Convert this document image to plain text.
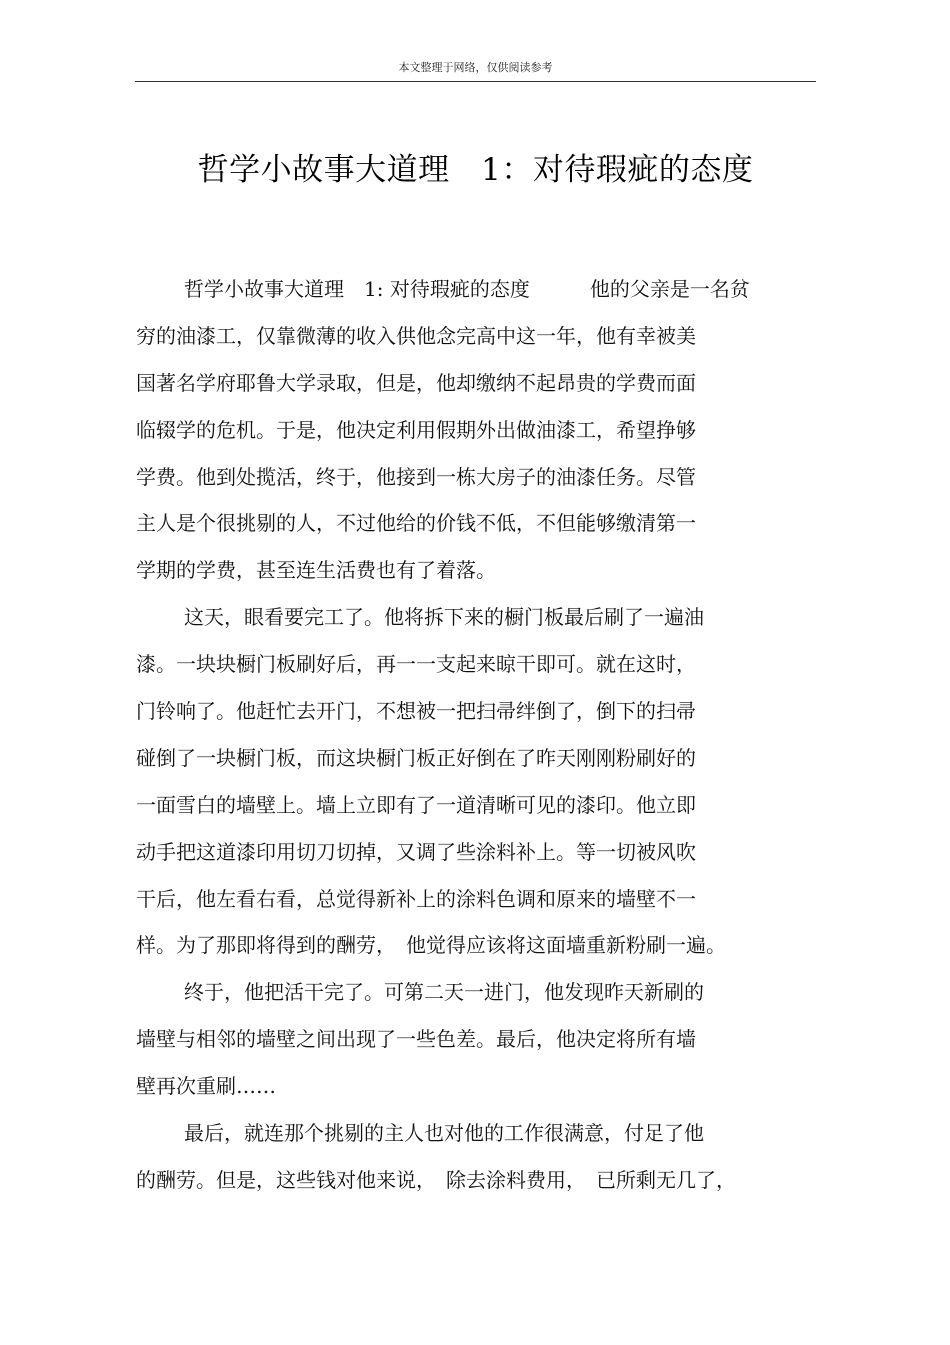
本文整理于网络，仅供阅读参考
哲学小故事大道理　1：对待瑕疵的态度
哲学小故事大道理　1: 对待瑕疵的态度　　　他的父亲是一名贫
穷的油漆工，仅靠微薄的收入供他念完高中这一年，他有幸被美
国著名学府耶鲁大学录取，但是，他却缴纳不起昂贵的学费而面
临辍学的危机。于是，他决定利用假期外出做油漆工，希望挣够
学费。他到处揽活，终于，他接到一栋大房子的油漆任务。尽管
主人是个很挑剔的人，不过他给的价钱不低，不但能够缴清第一
学期的学费，甚至连生活费也有了着落。
这天，眼看要完工了。他将拆下来的橱门板最后刷了一遍油
漆。一块块橱门板刷好后，再一一支起来晾干即可。就在这时，
门铃响了。他赶忙去开门，不想被一把扫帚绊倒了，倒下的扫帚
碰倒了一块橱门板，而这块橱门板正好倒在了昨天刚刚粉刷好的
一面雪白的墙壁上。墙上立即有了一道清晰可见的漆印。他立即
动手把这道漆印用切刀切掉，又调了些涂料补上。等一切被风吹
干后，他左看右看，总觉得新补上的涂料色调和原来的墙壁不一
样。为了那即将得到的酬劳，　他觉得应该将这面墙重新粉刷一遍。
终于，他把活干完了。可第二天一进门，他发现昨天新刷的
墙壁与相邻的墙壁之间出现了一些色差。最后，他决定将所有墙
壁再次重刷……
最后，就连那个挑剔的主人也对他的工作很满意，付足了他
的酬劳。但是，这些钱对他来说，　除去涂料费用，　已所剩无几了，
